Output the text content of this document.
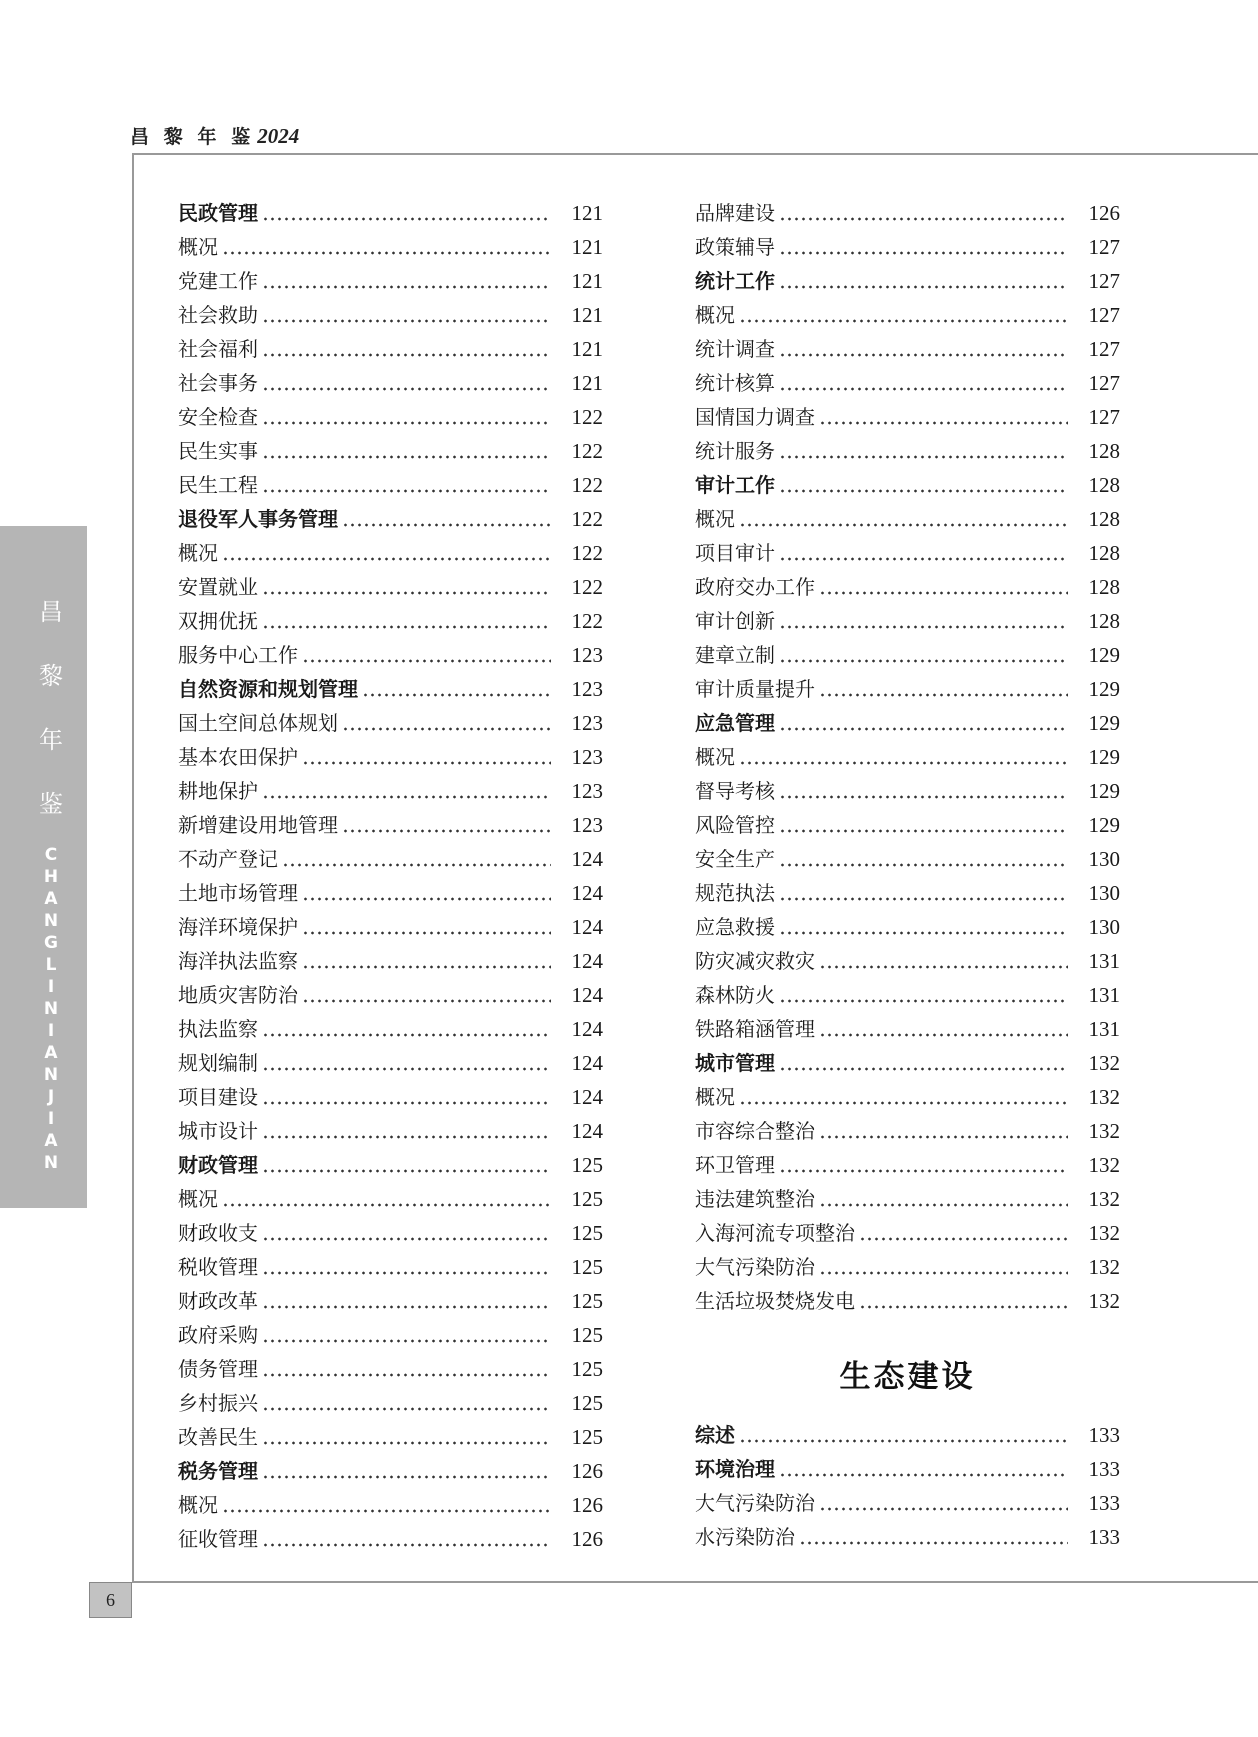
昌 黎 年 鉴2024
昌
黎
年
鉴
C
H
A
N
G
L
I
N
I
A
N
J
I
A
N
6
民政管理	121
概况	121
党建工作	121
社会救助	121
社会福利	121
社会事务	121
安全检查	122
民生实事	122
民生工程	122
退役军人事务管理	122
概况	122
安置就业	122
双拥优抚	122
服务中心工作	123
自然资源和规划管理	123
国土空间总体规划	123
基本农田保护	123
耕地保护	123
新增建设用地管理	123
不动产登记	124
土地市场管理	124
海洋环境保护	124
海洋执法监察	124
地质灾害防治	124
执法监察	124
规划编制	124
项目建设	124
城市设计	124
财政管理	125
概况	125
财政收支	125
税收管理	125
财政改革	125
政府采购	125
债务管理	125
乡村振兴	125
改善民生	125
税务管理	126
概况	126
征收管理	126
品牌建设	126
政策辅导	127
统计工作	127
概况	127
统计调查	127
统计核算	127
国情国力调查	127
统计服务	128
审计工作	128
概况	128
项目审计	128
政府交办工作	128
审计创新	128
建章立制	129
审计质量提升	129
应急管理	129
概况	129
督导考核	129
风险管控	129
安全生产	130
规范执法	130
应急救援	130
防灾减灾救灾	131
森林防火	131
铁路箱涵管理	131
城市管理	132
概况	132
市容综合整治	132
环卫管理	132
违法建筑整治	132
入海河流专项整治	132
大气污染防治	132
生活垃圾焚烧发电	132
生态建设
综述	133
环境治理	133
大气污染防治	133
水污染防治	133
